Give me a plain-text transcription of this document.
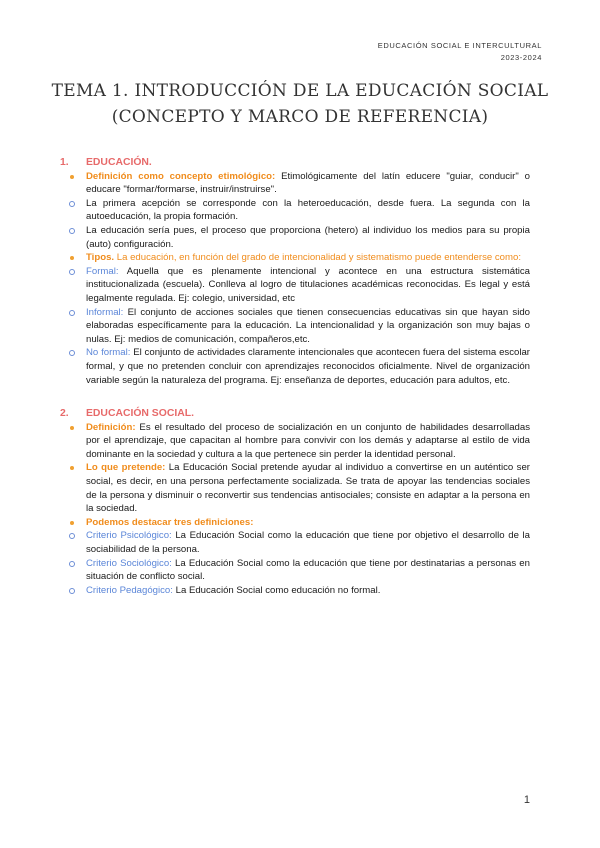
EDUCACIÓN SOCIAL E INTERCULTURAL
2023-2024
TEMA 1. INTRODUCCIÓN DE LA EDUCACIÓN SOCIAL
(CONCEPTO Y MARCO DE REFERENCIA)
1.	EDUCACIÓN.
Definición como concepto etimológico: Etimológicamente del latín educere "guiar, conducir" o educare "formar/formarse, instruir/instruirse".
La primera acepción se corresponde con la heteroeducación, desde fuera. La segunda con la autoeducación, la propia formación.
La educación sería pues, el proceso que proporciona (hetero) al individuo los medios para su propia (auto) configuración.
Tipos. La educación, en función del grado de intencionalidad y sistematismo puede entenderse como:
Formal: Aquella que es plenamente intencional y acontece en una estructura sistemática institucionalizada (escuela). Conlleva al logro de titulaciones académicas reconocidas. Es legal y está legalmente regulada. Ej: colegio, universidad, etc
Informal: El conjunto de acciones sociales que tienen consecuencias educativas sin que hayan sido elaboradas específicamente para la educación. La intencionalidad y la organización son muy bajas o nulas. Ej: medios de comunicación, compañeros,etc.
No formal: El conjunto de actividades claramente intencionales que acontecen fuera del sistema escolar formal, y que no pretenden concluir con aprendizajes reconocidos oficialmente. Nivel de organización variable según la naturaleza del programa. Ej: enseñanza de deportes, educación para adultos, etc.
2.	EDUCACIÓN SOCIAL.
Definición: Es el resultado del proceso de socialización en un conjunto de habilidades desarrolladas por el aprendizaje, que capacitan al hombre para convivir con los demás y adaptarse al estilo de vida dominante en la sociedad y cultura a la que pertenece sin perder la identidad personal.
Lo que pretende: La Educación Social pretende ayudar al individuo a convertirse en un auténtico ser social, es decir, en una persona perfectamente socializada. Se trata de apoyar las tendencias sociales de la persona y disminuir o reconvertir sus tendencias antisociales; consiste en adaptar a la persona en la sociedad.
Podemos destacar tres definiciones:
Criterio Psicológico: La Educación Social como la educación que tiene por objetivo el desarrollo de la sociabilidad de la persona.
Criterio Sociológico: La Educación Social como la educación que tiene por destinatarias a personas en situación de conflicto social.
Criterio Pedagógico: La Educación Social como educación no formal.
1
